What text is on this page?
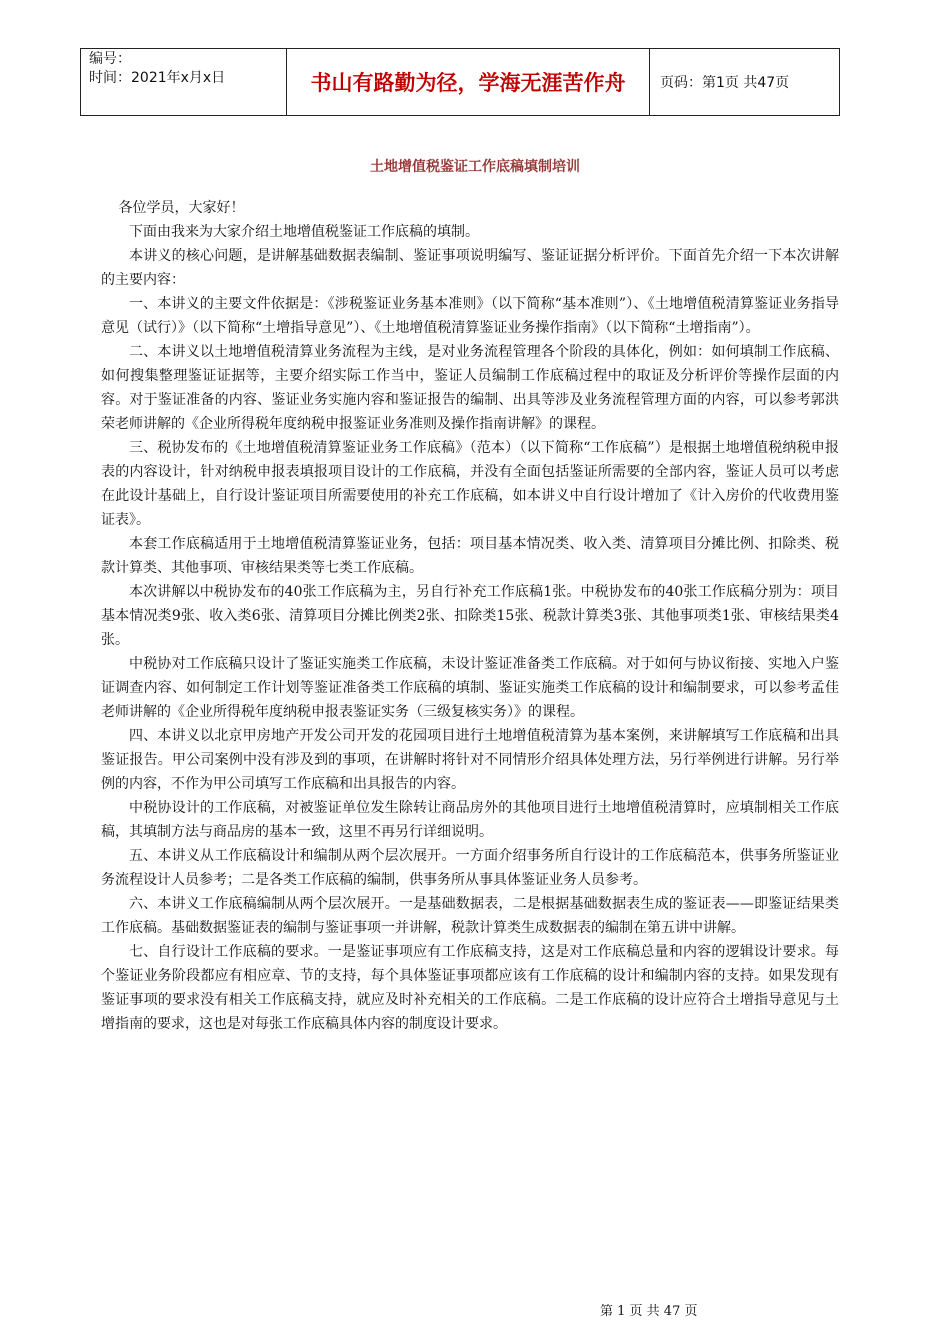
编号：
时间：2021年x月x日	书山有路勤为径，学海无涯苦作舟	页码：第1页 共47页
土地增值税鉴证工作底稿填制培训

各位学员，大家好！

下面由我来为大家介绍土地增值税鉴证工作底稿的填制。

本讲义的核心问题，是讲解基础数据表编制、鉴证事项说明编写、鉴证证据分析评价。下面首先介绍一下本次讲解的主要内容：

一、本讲义的主要文件依据是：《涉税鉴证业务基本准则》（以下简称“基本准则”）、《土地增值税清算鉴证业务指导意见（试行）》（以下简称“土增指导意见”）、《土地增值税清算鉴证业务操作指南》（以下简称“土增指南”）。

二、本讲义以土地增值税清算业务流程为主线，是对业务流程管理各个阶段的具体化，例如：如何填制工作底稿、如何搜集整理鉴证证据等，主要介绍实际工作当中，鉴证人员编制工作底稿过程中的取证及分析评价等操作层面的内容。对于鉴证准备的内容、鉴证业务实施内容和鉴证报告的编制、出具等涉及业务流程管理方面的内容，可以参考郭洪荣老师讲解的《企业所得税年度纳税申报鉴证业务准则及操作指南讲解》的课程。

三、税协发布的《土地增值税清算鉴证业务工作底稿》（范本）（以下简称“工作底稿”）是根据土地增值税纳税申报表的内容设计，针对纳税申报表填报项目设计的工作底稿，并没有全面包括鉴证所需要的全部内容，鉴证人员可以考虑在此设计基础上，自行设计鉴证项目所需要使用的补充工作底稿，如本讲义中自行设计增加了《计入房价的代收费用鉴证表》。

本套工作底稿适用于土地增值税清算鉴证业务，包括：项目基本情况类、收入类、清算项目分摊比例、扣除类、税款计算类、其他事项、审核结果类等七类工作底稿。

本次讲解以中税协发布的40张工作底稿为主，另自行补充工作底稿1张。中税协发布的40张工作底稿分别为：项目基本情况类9张、收入类6张、清算项目分摊比例类2张、扣除类15张、税款计算类3张、其他事项类1张、审核结果类4张。

中税协对工作底稿只设计了鉴证实施类工作底稿，未设计鉴证准备类工作底稿。对于如何与协议衔接、实地入户鉴证调查内容、如何制定工作计划等鉴证准备类工作底稿的填制、鉴证实施类工作底稿的设计和编制要求，可以参考孟佳老师讲解的《企业所得税年度纳税申报表鉴证实务（三级复核实务）》的课程。

四、本讲义以北京甲房地产开发公司开发的花园项目进行土地增值税清算为基本案例，来讲解填写工作底稿和出具鉴证报告。甲公司案例中没有涉及到的事项，在讲解时将针对不同情形介绍具体处理方法，另行举例进行讲解。另行举例的内容，不作为甲公司填写工作底稿和出具报告的内容。

中税协设计的工作底稿，对被鉴证单位发生除转让商品房外的其他项目进行土地增值税清算时，应填制相关工作底稿，其填制方法与商品房的基本一致，这里不再另行详细说明。

五、本讲义从工作底稿设计和编制从两个层次展开。一方面介绍事务所自行设计的工作底稿范本，供事务所鉴证业务流程设计人员参考；二是各类工作底稿的编制，供事务所从事具体鉴证业务人员参考。

六、本讲义工作底稿编制从两个层次展开。一是基础数据表，二是根据基础数据表生成的鉴证表——即鉴证结果类工作底稿。基础数据鉴证表的编制与鉴证事项一并讲解，税款计算类生成数据表的编制在第五讲中讲解。

七、自行设计工作底稿的要求。一是鉴证事项应有工作底稿支持，这是对工作底稿总量和内容的逻辑设计要求。每个鉴证业务阶段都应有相应章、节的支持，每个具体鉴证事项都应该有工作底稿的设计和编制内容的支持。如果发现有鉴证事项的要求没有相关工作底稿支持，就应及时补充相关的工作底稿。二是工作底稿的设计应符合土增指导意见与土增指南的要求，这也是对每张工作底稿具体内容的制度设计要求。

第 1 页 共 47 页
